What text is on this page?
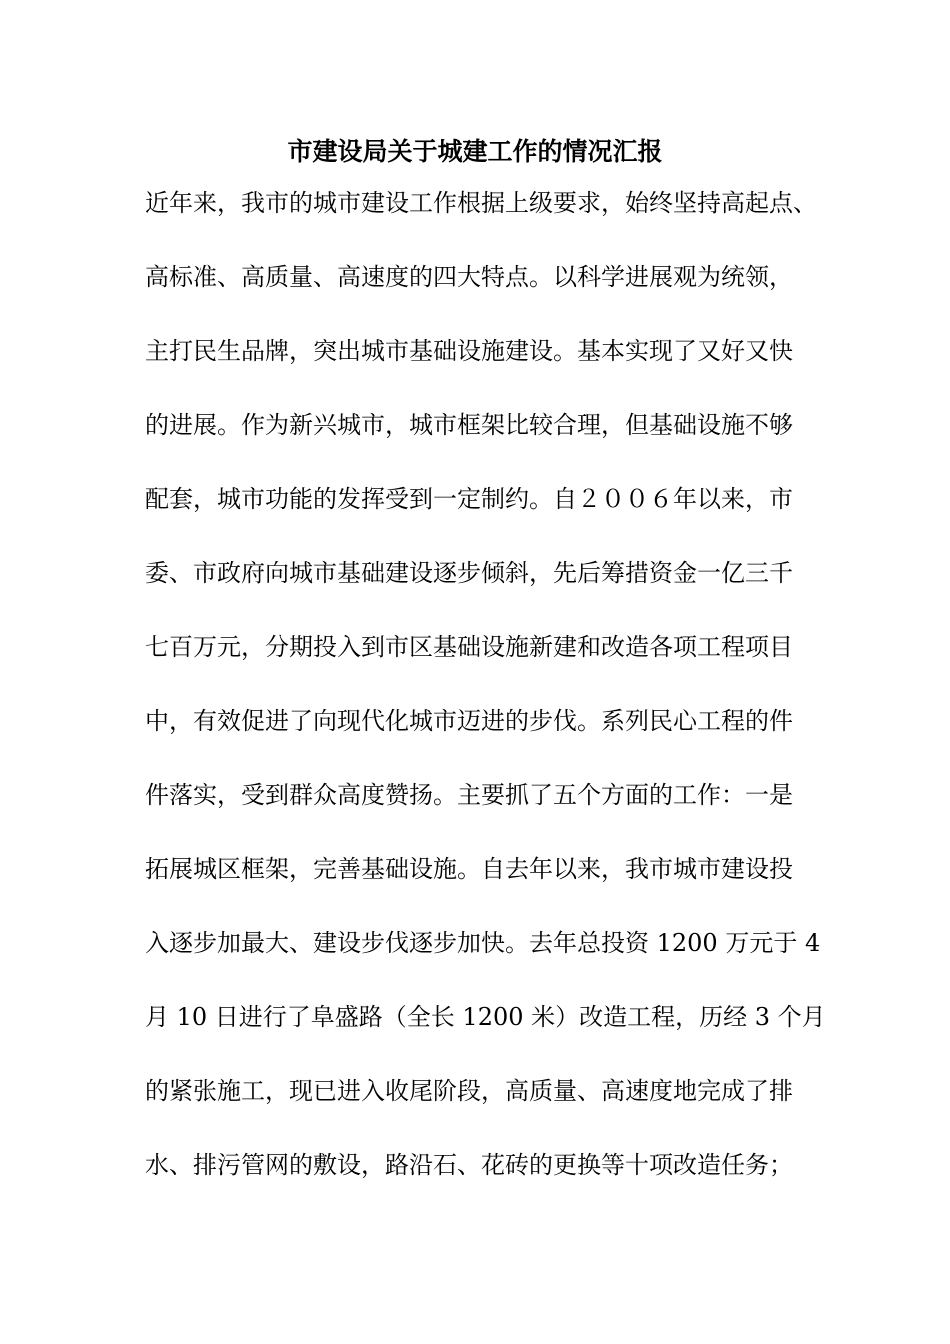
市建设局关于城建工作的情况汇报
近年来，我市的城市建设工作根据上级要求，始终坚持高起点、
高标准、高质量、高速度的四大特点。以科学进展观为统领，
主打民生品牌，突出城市基础设施建设。基本实现了又好又快
的进展。作为新兴城市，城市框架比较合理，但基础设施不够
配套，城市功能的发挥受到一定制约。自２００６年以来，市
委、市政府向城市基础建设逐步倾斜，先后筹措资金一亿三千
七百万元，分期投入到市区基础设施新建和改造各项工程项目
中，有效促进了向现代化城市迈进的步伐。系列民心工程的件
件落实，受到群众高度赞扬。主要抓了五个方面的工作：一是
拓展城区框架，完善基础设施。自去年以来，我市城市建设投
入逐步加最大、建设步伐逐步加快。去年总投资 1200 万元于 4
月 10 日进行了阜盛路（全长 1200 米）改造工程，历经 3 个月
的紧张施工，现已进入收尾阶段，高质量、高速度地完成了排
水、排污管网的敷设，路沿石、花砖的更换等十项改造任务；
